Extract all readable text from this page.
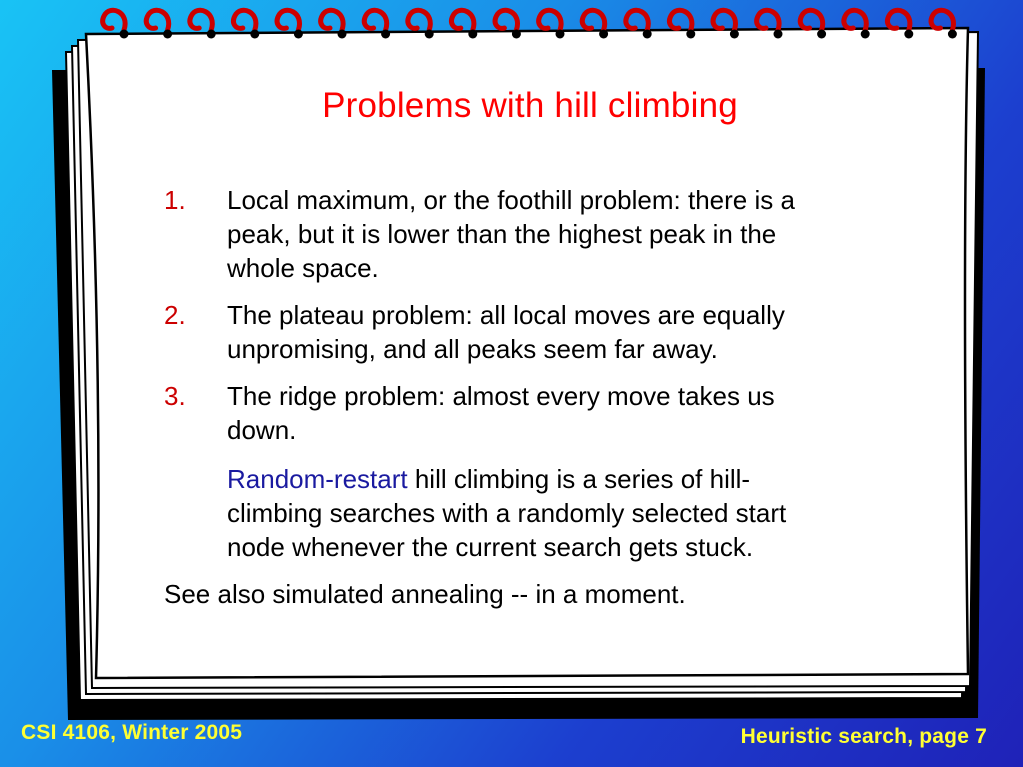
Problems with hill climbing
1. Local maximum, or the foothill problem: there is a
peak, but it is lower than the highest peak in the
whole space.
2. The plateau problem: all local moves are equally
unpromising, and all peaks seem far away.
3. The ridge problem: almost every move takes us
down.
Random-restart hill climbing is a series of hill-
climbing searches with a randomly selected start
node whenever the current search gets stuck.
See also simulated annealing -- in a moment.
CSI 4106, Winter 2005	Heuristic search, page 7
